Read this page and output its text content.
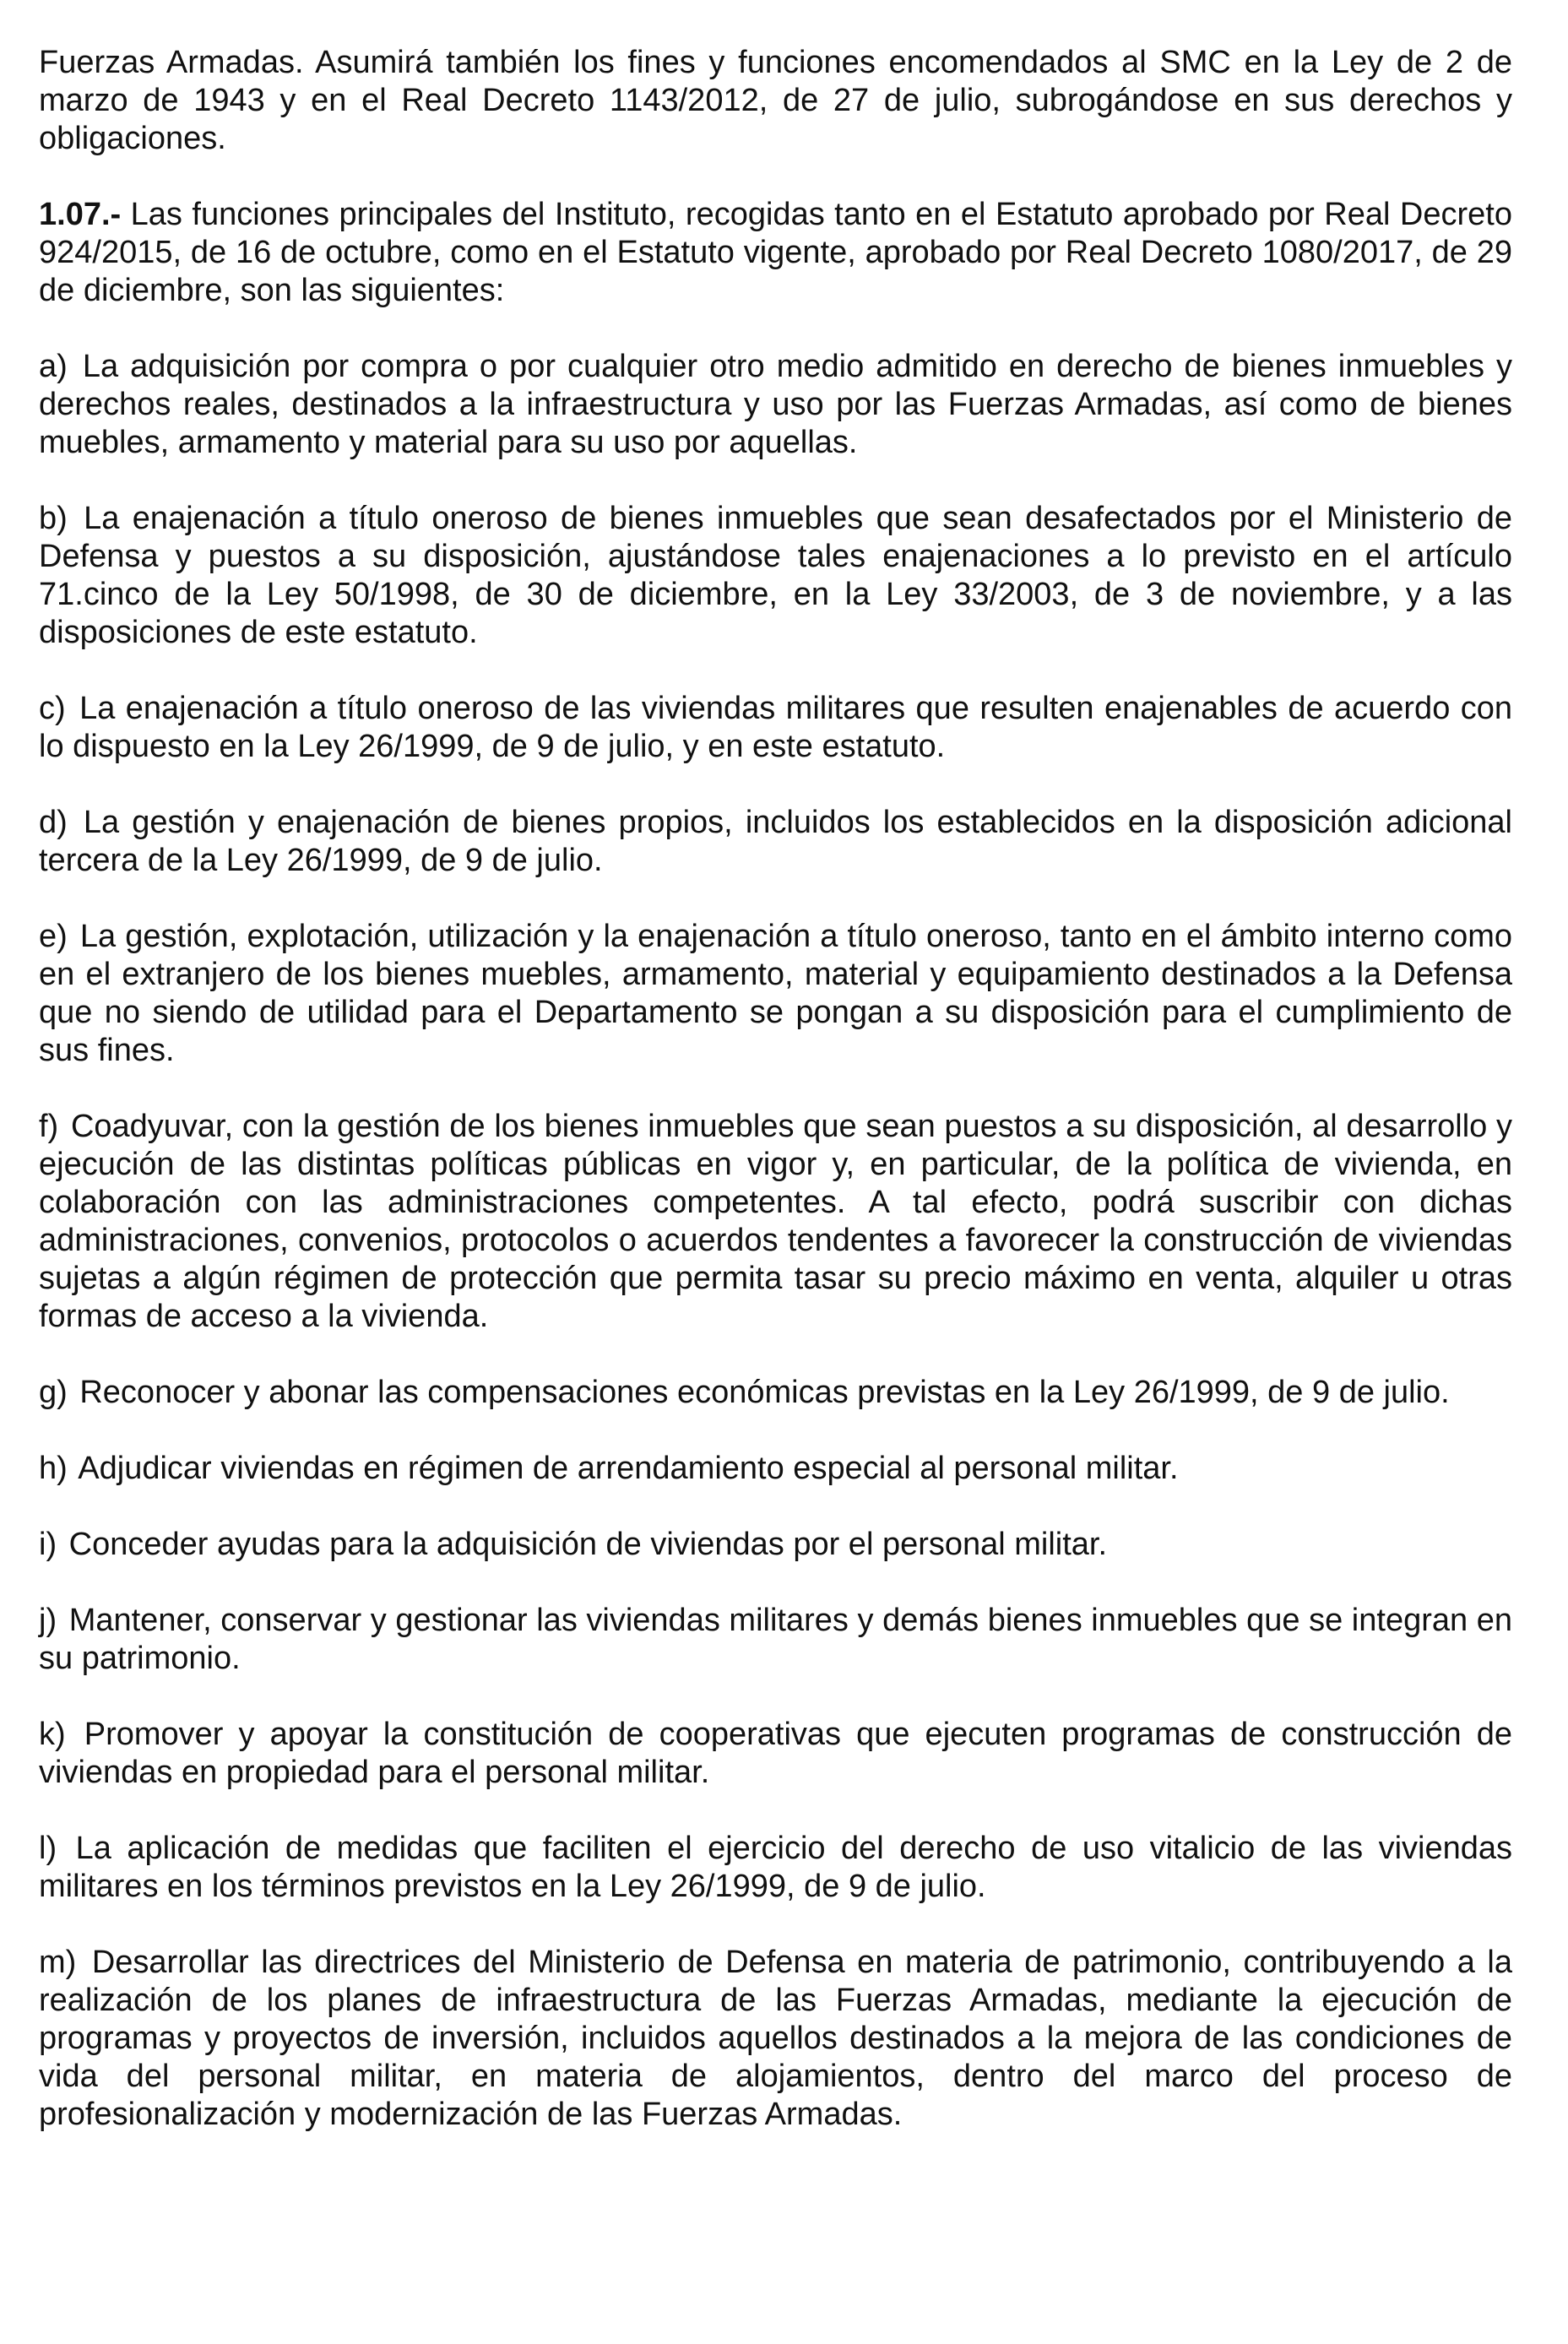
Fuerzas Armadas. Asumirá también los fines y funciones encomendados al SMC en la Ley de 2 de marzo de 1943 y en el Real Decreto 1143/2012, de 27 de julio, subrogándose en sus derechos y obligaciones.

1.07.- Las funciones principales del Instituto, recogidas tanto en el Estatuto aprobado por Real Decreto 924/2015, de 16 de octubre, como en el Estatuto vigente, aprobado por Real Decreto 1080/2017, de 29 de diciembre, son las siguientes:

a) La adquisición por compra o por cualquier otro medio admitido en derecho de bienes inmuebles y derechos reales, destinados a la infraestructura y uso por las Fuerzas Armadas, así como de bienes muebles, armamento y material para su uso por aquellas.

b) La enajenación a título oneroso de bienes inmuebles que sean desafectados por el Ministerio de Defensa y puestos a su disposición, ajustándose tales enajenaciones a lo previsto en el artículo 71.cinco de la Ley 50/1998, de 30 de diciembre, en la Ley 33/2003, de 3 de noviembre, y a las disposiciones de este estatuto.

c) La enajenación a título oneroso de las viviendas militares que resulten enajenables de acuerdo con lo dispuesto en la Ley 26/1999, de 9 de julio, y en este estatuto.

d) La gestión y enajenación de bienes propios, incluidos los establecidos en la disposición adicional tercera de la Ley 26/1999, de 9 de julio.

e) La gestión, explotación, utilización y la enajenación a título oneroso, tanto en el ámbito interno como en el extranjero de los bienes muebles, armamento, material y equipamiento destinados a la Defensa que no siendo de utilidad para el Departamento se pongan a su disposición para el cumplimiento de sus fines.

f) Coadyuvar, con la gestión de los bienes inmuebles que sean puestos a su disposición, al desarrollo y ejecución de las distintas políticas públicas en vigor y, en particular, de la política de vivienda, en colaboración con las administraciones competentes. A tal efecto, podrá suscribir con dichas administraciones, convenios, protocolos o acuerdos tendentes a favorecer la construcción de viviendas sujetas a algún régimen de protección que permita tasar su precio máximo en venta, alquiler u otras formas de acceso a la vivienda.

g) Reconocer y abonar las compensaciones económicas previstas en la Ley 26/1999, de 9 de julio.

h) Adjudicar viviendas en régimen de arrendamiento especial al personal militar.

i) Conceder ayudas para la adquisición de viviendas por el personal militar.

j) Mantener, conservar y gestionar las viviendas militares y demás bienes inmuebles que se integran en su patrimonio.

k) Promover y apoyar la constitución de cooperativas que ejecuten programas de construcción de viviendas en propiedad para el personal militar.

l) La aplicación de medidas que faciliten el ejercicio del derecho de uso vitalicio de las viviendas militares en los términos previstos en la Ley 26/1999, de 9 de julio.

m) Desarrollar las directrices del Ministerio de Defensa en materia de patrimonio, contribuyendo a la realización de los planes de infraestructura de las Fuerzas Armadas, mediante la ejecución de programas y proyectos de inversión, incluidos aquellos destinados a la mejora de las condiciones de vida del personal militar, en materia de alojamientos, dentro del marco del proceso de profesionalización y modernización de las Fuerzas Armadas.
